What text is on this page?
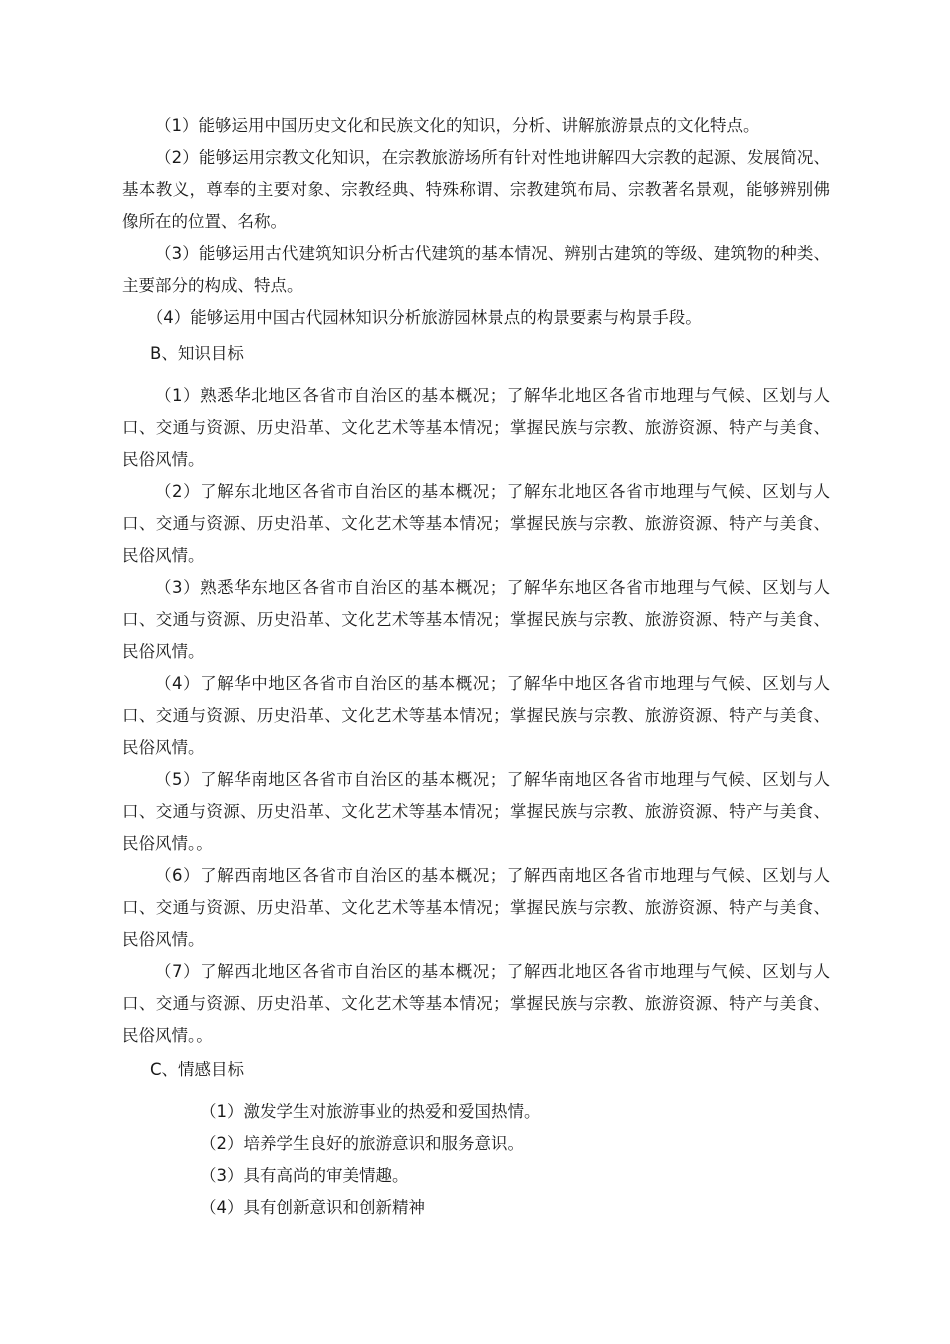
（1）能够运用中国历史文化和民族文化的知识，分析、讲解旅游景点的文化特点。

（2）能够运用宗教文化知识，在宗教旅游场所有针对性地讲解四大宗教的起源、发展简况、基本教义，尊奉的主要对象、宗教经典、特殊称谓、宗教建筑布局、宗教著名景观，能够辨别佛像所在的位置、名称。

（3）能够运用古代建筑知识分析古代建筑的基本情况、辨别古建筑的等级、建筑物的种类、主要部分的构成、特点。

（4）能够运用中国古代园林知识分析旅游园林景点的构景要素与构景手段。

B、知识目标

（1）熟悉华北地区各省市自治区的基本概况；了解华北地区各省市地理与气候、区划与人口、交通与资源、历史沿革、文化艺术等基本情况；掌握民族与宗教、旅游资源、特产与美食、民俗风情。

（2）了解东北地区各省市自治区的基本概况；了解东北地区各省市地理与气候、区划与人口、交通与资源、历史沿革、文化艺术等基本情况；掌握民族与宗教、旅游资源、特产与美食、民俗风情。

（3）熟悉华东地区各省市自治区的基本概况；了解华东地区各省市地理与气候、区划与人口、交通与资源、历史沿革、文化艺术等基本情况；掌握民族与宗教、旅游资源、特产与美食、民俗风情。

（4）了解华中地区各省市自治区的基本概况；了解华中地区各省市地理与气候、区划与人口、交通与资源、历史沿革、文化艺术等基本情况；掌握民族与宗教、旅游资源、特产与美食、民俗风情。

（5）了解华南地区各省市自治区的基本概况；了解华南地区各省市地理与气候、区划与人口、交通与资源、历史沿革、文化艺术等基本情况；掌握民族与宗教、旅游资源、特产与美食、民俗风情。。

（6）了解西南地区各省市自治区的基本概况；了解西南地区各省市地理与气候、区划与人口、交通与资源、历史沿革、文化艺术等基本情况；掌握民族与宗教、旅游资源、特产与美食、民俗风情。

（7）了解西北地区各省市自治区的基本概况；了解西北地区各省市地理与气候、区划与人口、交通与资源、历史沿革、文化艺术等基本情况；掌握民族与宗教、旅游资源、特产与美食、民俗风情。。

C、情感目标

（1）激发学生对旅游事业的热爱和爱国热情。

（2）培养学生良好的旅游意识和服务意识。

（3）具有高尚的审美情趣。

（4）具有创新意识和创新精神
